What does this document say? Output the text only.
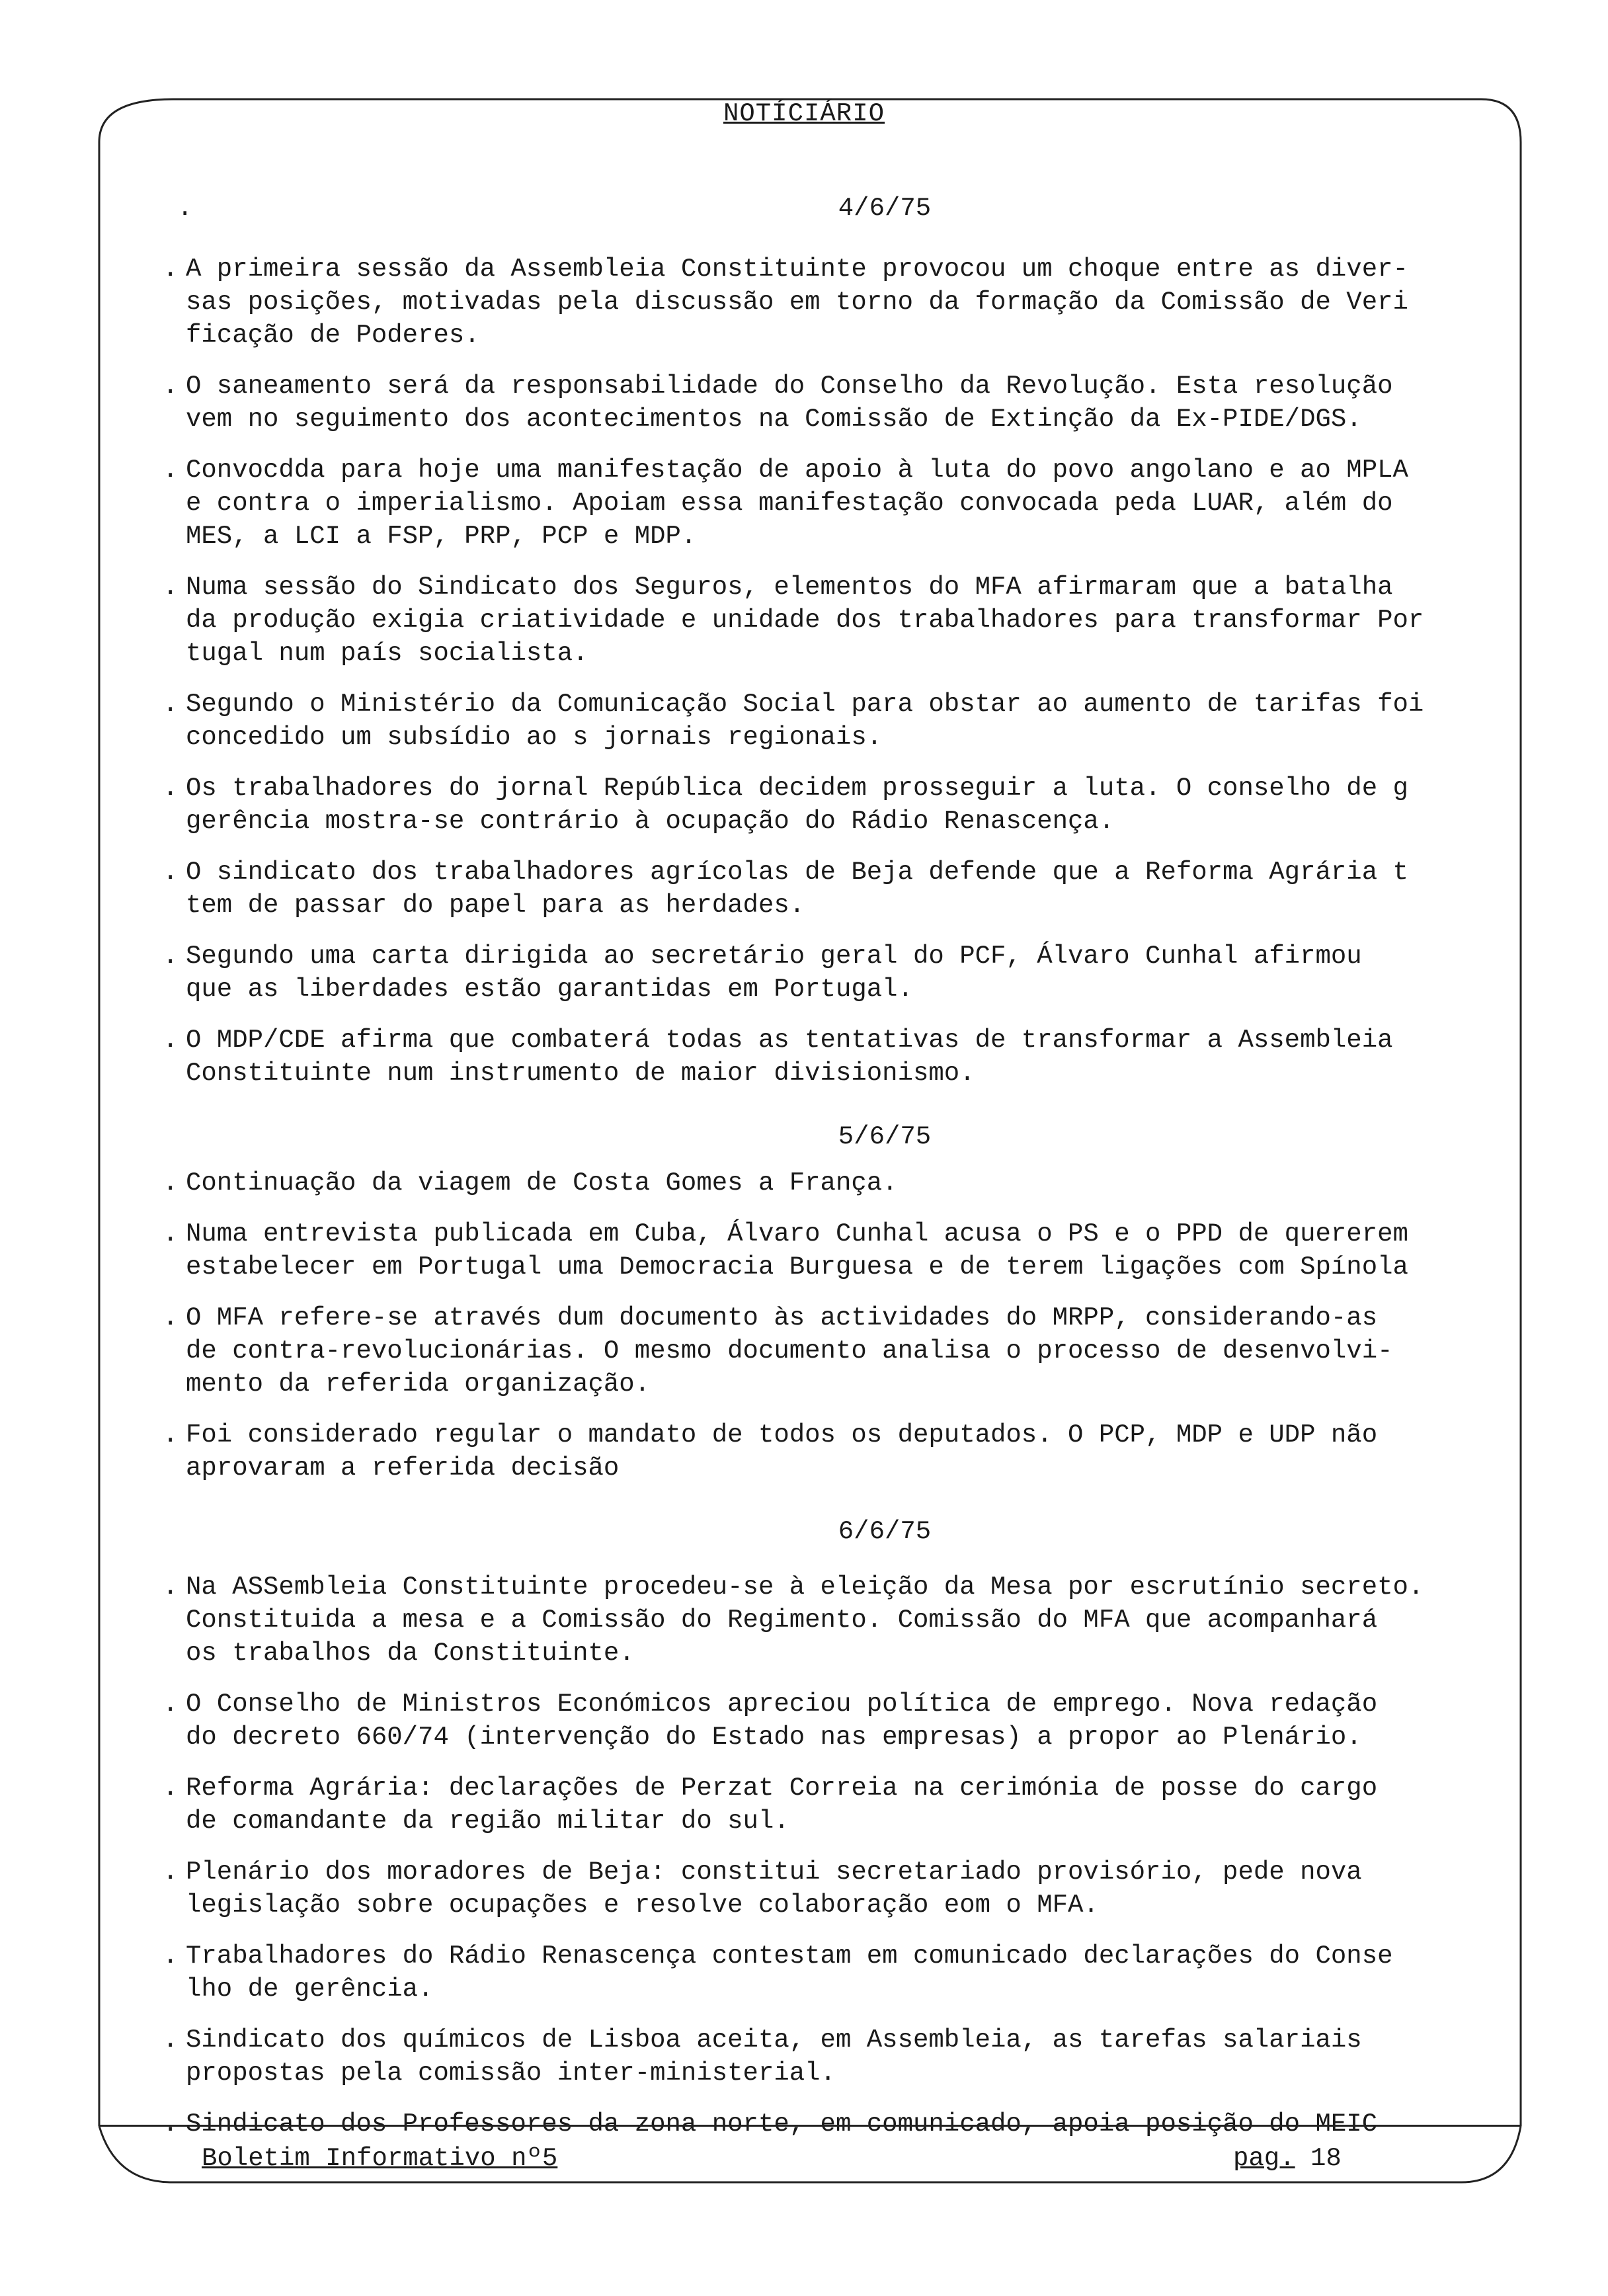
NOTÍCIÁRIO
.	4/6/75
. A primeira sessão da Assembleia Constituinte provocou um choque entre as diver-
sas posições, motivadas pela discussão em torno da formação da Comissão de Veri
ficação de Poderes.
. O saneamento será da responsabilidade do Conselho da Revolução. Esta resolução
vem no seguimento dos acontecimentos na Comissão de Extinção da Ex-PIDE/DGS.
. Convocdda para hoje uma manifestação de apoio à luta do povo angolano e ao MPLA
e contra o imperialismo. Apoiam essa manifestação convocada peda LUAR, além do
MES, a LCI a FSP, PRP, PCP e MDP.
. Numa sessão do Sindicato dos Seguros, elementos do MFA afirmaram que a batalha
da produção exigia criatividade e unidade dos trabalhadores para transformar Por
tugal num país socialista.
. Segundo o Ministério da Comunicação Social para obstar ao aumento de tarifas foi
concedido um subsídio ao s jornais regionais.
. Os trabalhadores do jornal República decidem prosseguir a luta. O conselho de g
gerência mostra-se contrário à ocupação do Rádio Renascença.
. O sindicato dos trabalhadores agrícolas de Beja defende que a Reforma Agrária t
tem de passar do papel para as herdades.
. Segundo uma carta dirigida ao secretário geral do PCF, Álvaro Cunhal afirmou
que as liberdades estão garantidas em Portugal.
. O MDP/CDE afirma que combaterá todas as tentativas de transformar a Assembleia
Constituinte num instrumento de maior divisionismo.
5/6/75
. Continuação da viagem de Costa Gomes a França.
. Numa entrevista publicada em Cuba, Álvaro Cunhal acusa o PS e o PPD de quererem
estabelecer em Portugal uma Democracia Burguesa e de terem ligações com Spínola
. O MFA refere-se através dum documento às actividades do MRPP, considerando-as
de contra-revolucionárias. O mesmo documento analisa o processo de desenvolvi-
mento da referida organização.
. Foi considerado regular o mandato de todos os deputados. O PCP, MDP e UDP não
aprovaram a referida decisão
6/6/75
. Na ASSembleia Constituinte procedeu-se à eleição da Mesa por escrutínio secreto.
Constituida a mesa e a Comissão do Regimento. Comissão do MFA que acompanhará
os trabalhos da Constituinte.
. O Conselho de Ministros Económicos apreciou política de emprego. Nova redação
do decreto 660/74 (intervenção do Estado nas empresas) a propor ao Plenário.
. Reforma Agrária: declarações de Perzat Correia na cerimónia de posse do cargo
de comandante da região militar do sul.
. Plenário dos moradores de Beja: constitui secretariado provisório, pede nova
legislação sobre ocupações e resolve colaboração eom o MFA.
. Trabalhadores do Rádio Renascença contestam em comunicado declarações do Conse
lho de gerência.
. Sindicato dos químicos de Lisboa aceita, em Assembleia, as tarefas salariais
propostas pela comissão inter-ministerial.
. Sindicato dos Professores da zona norte, em comunicado, apoia posição do MEIC
Boletim Informativo nº5	pag. 18
